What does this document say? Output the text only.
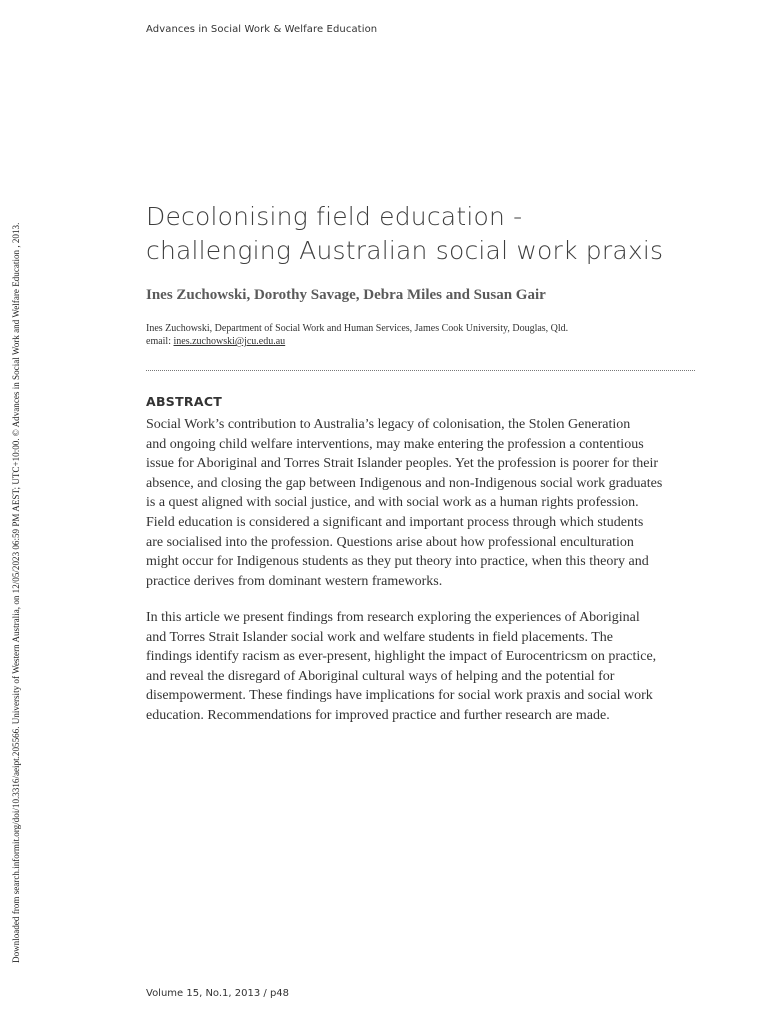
Advances in Social Work & Welfare Education
Downloaded from search.informit.org/doi/10.3316/aeipt.205566. University of Western Australia, on 12/05/2023 06:59 PM AEST; UTC+10:00. © Advances in Social Work and Welfare Education , 2013.
Decolonising field education -
challenging Australian social work praxis
Ines Zuchowski, Dorothy Savage, Debra Miles and Susan Gair
Ines Zuchowski, Department of Social Work and Human Services, James Cook University, Douglas, Qld.
email: ines.zuchowski@jcu.edu.au
ABSTRACT
Social Work’s contribution to Australia’s legacy of colonisation, the Stolen Generation
and ongoing child welfare interventions, may make entering the profession a contentious
issue for Aboriginal and Torres Strait Islander peoples. Yet the profession is poorer for their
absence, and closing the gap between Indigenous and non-Indigenous social work graduates
is a quest aligned with social justice, and with social work as a human rights profession.
Field education is considered a significant and important process through which students
are socialised into the profession. Questions arise about how professional enculturation
might occur for Indigenous students as they put theory into practice, when this theory and
practice derives from dominant western frameworks.
In this article we present findings from research exploring the experiences of Aboriginal
and Torres Strait Islander social work and welfare students in field placements. The
findings identify racism as ever-present, highlight the impact of Eurocentricsm on practice,
and reveal the disregard of Aboriginal cultural ways of helping and the potential for
disempowerment. These findings have implications for social work praxis and social work
education. Recommendations for improved practice and further research are made.
Volume 15, No.1, 2013 / p48
